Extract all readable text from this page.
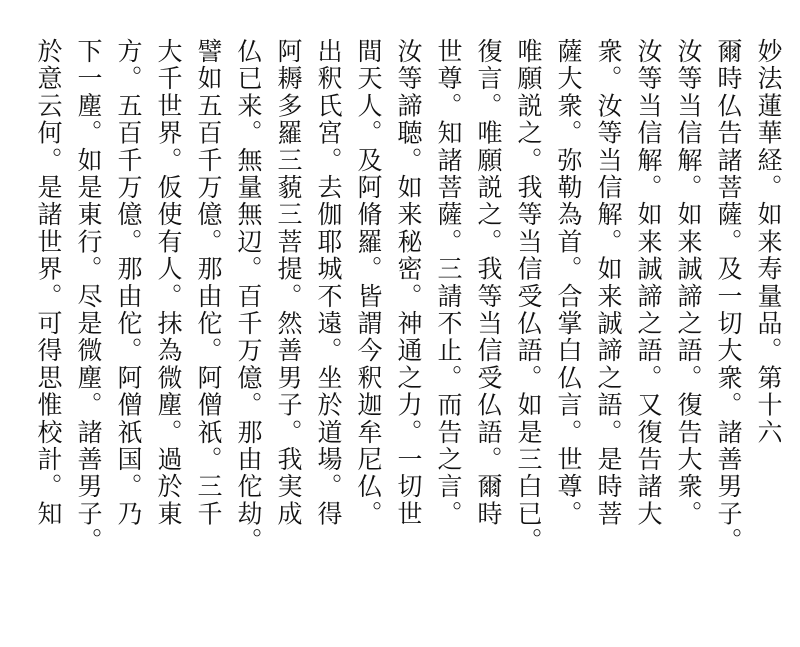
妙法蓮華経。如来寿量品。第十六
爾時仏告諸菩薩。及一切大衆。諸善男子。
汝等当信解。如来誠諦之語。復告大衆。
汝等当信解。如来誠諦之語。又復告諸大
衆。汝等当信解。如来誠諦之語。是時菩
薩大衆。弥勒為首。合掌白仏言。世尊。
唯願説之。我等当信受仏語。如是三白已。
復言。唯願説之。我等当信受仏語。爾時
世尊。知諸菩薩。三請不止。而告之言。
汝等諦聴。如来秘密。神通之力。一切世
間天人。及阿脩羅。皆謂今釈迦牟尼仏。
出釈氏宮。去伽耶城不遠。坐於道場。得
阿耨多羅三藐三菩提。然善男子。我実成
仏已来。無量無辺。百千万億。那由佗劫。
譬如五百千万億。那由佗。阿僧祇。三千
大千世界。仮使有人。抹為微塵。過於東
方。五百千万億。那由佗。阿僧祇国。乃
下一塵。如是東行。尽是微塵。諸善男子。
於意云何。是諸世界。可得思惟校計。知
